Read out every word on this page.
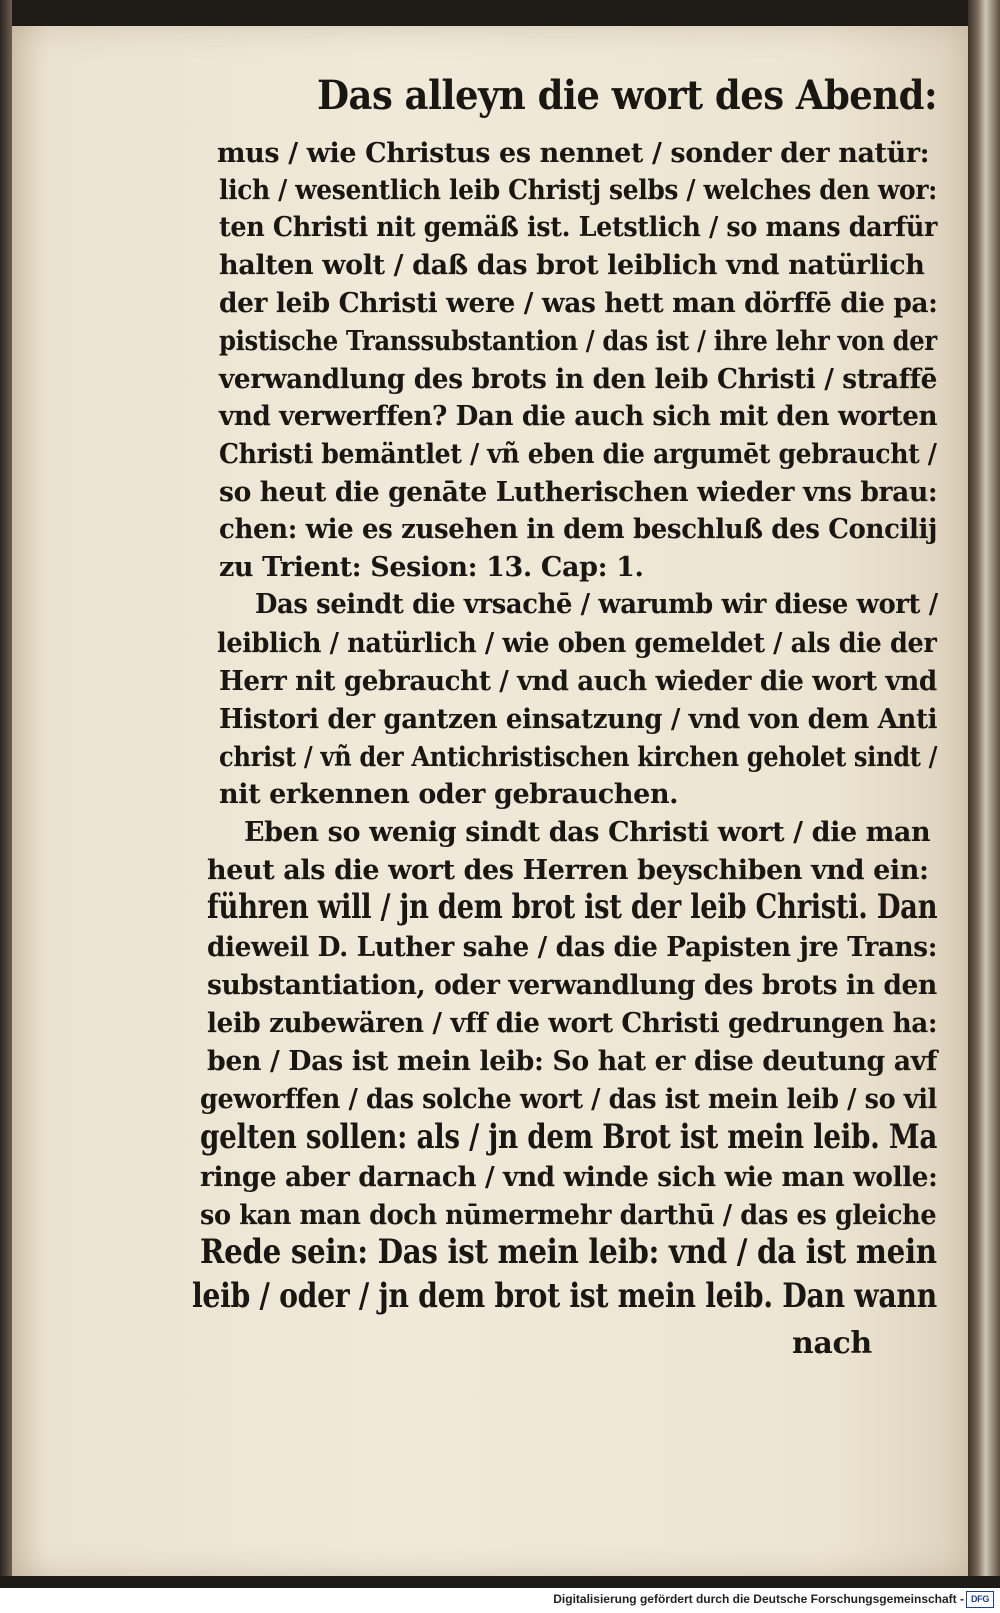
Das alleyn die wort des Abend:
mus / wie Christus es nennet / sonder der natür:
lich / wesentlich leib Christj selbs / welches den wor:
ten Christi nit gemäß ist. Letstlich / so mans darfür
halten wolt / daß das brot leiblich vnd natürlich
der leib Christi were / was hett man dörffē die pa:
pistische Transsubstantion / das ist / ihre lehr von der
verwandlung des brots in den leib Christi / straffē
vnd verwerffen? Dan die auch sich mit den worten
Christi bemäntlet / vñ eben die argumēt gebraucht /
so heut die genāte Lutherischen wieder vns brau:
chen: wie es zusehen in dem beschluß des Concilij
zu Trient: Sesion: 13. Cap: 1.
Das seindt die vrsachē / warumb wir diese wort /
leiblich / natürlich / wie oben gemeldet / als die der
Herr nit gebraucht / vnd auch wieder die wort vnd
Histori der gantzen einsatzung / vnd von dem Anti
christ / vñ der Antichristischen kirchen geholet sindt /
nit erkennen oder gebrauchen.
Eben so wenig sindt das Christi wort / die man
heut als die wort des Herren beyschiben vnd ein:
führen will / jn dem brot ist der leib Christi. Dan
dieweil D. Luther sahe / das die Papisten jre Trans:
substantiation, oder verwandlung des brots in den
leib zubewären / vff die wort Christi gedrungen ha:
ben / Das ist mein leib: So hat er dise deutung avf
geworffen / das solche wort / das ist mein leib / so vil
gelten sollen: als / jn dem Brot ist mein leib. Ma
ringe aber darnach / vnd winde sich wie man wolle:
so kan man doch nūmermehr darthū / das es gleiche
Rede sein: Das ist mein leib: vnd / da ist mein
leib / oder / jn dem brot ist mein leib. Dan wann
nach
Digitalisierung gefördert durch die Deutsche Forschungsgemeinschaft - DFG
